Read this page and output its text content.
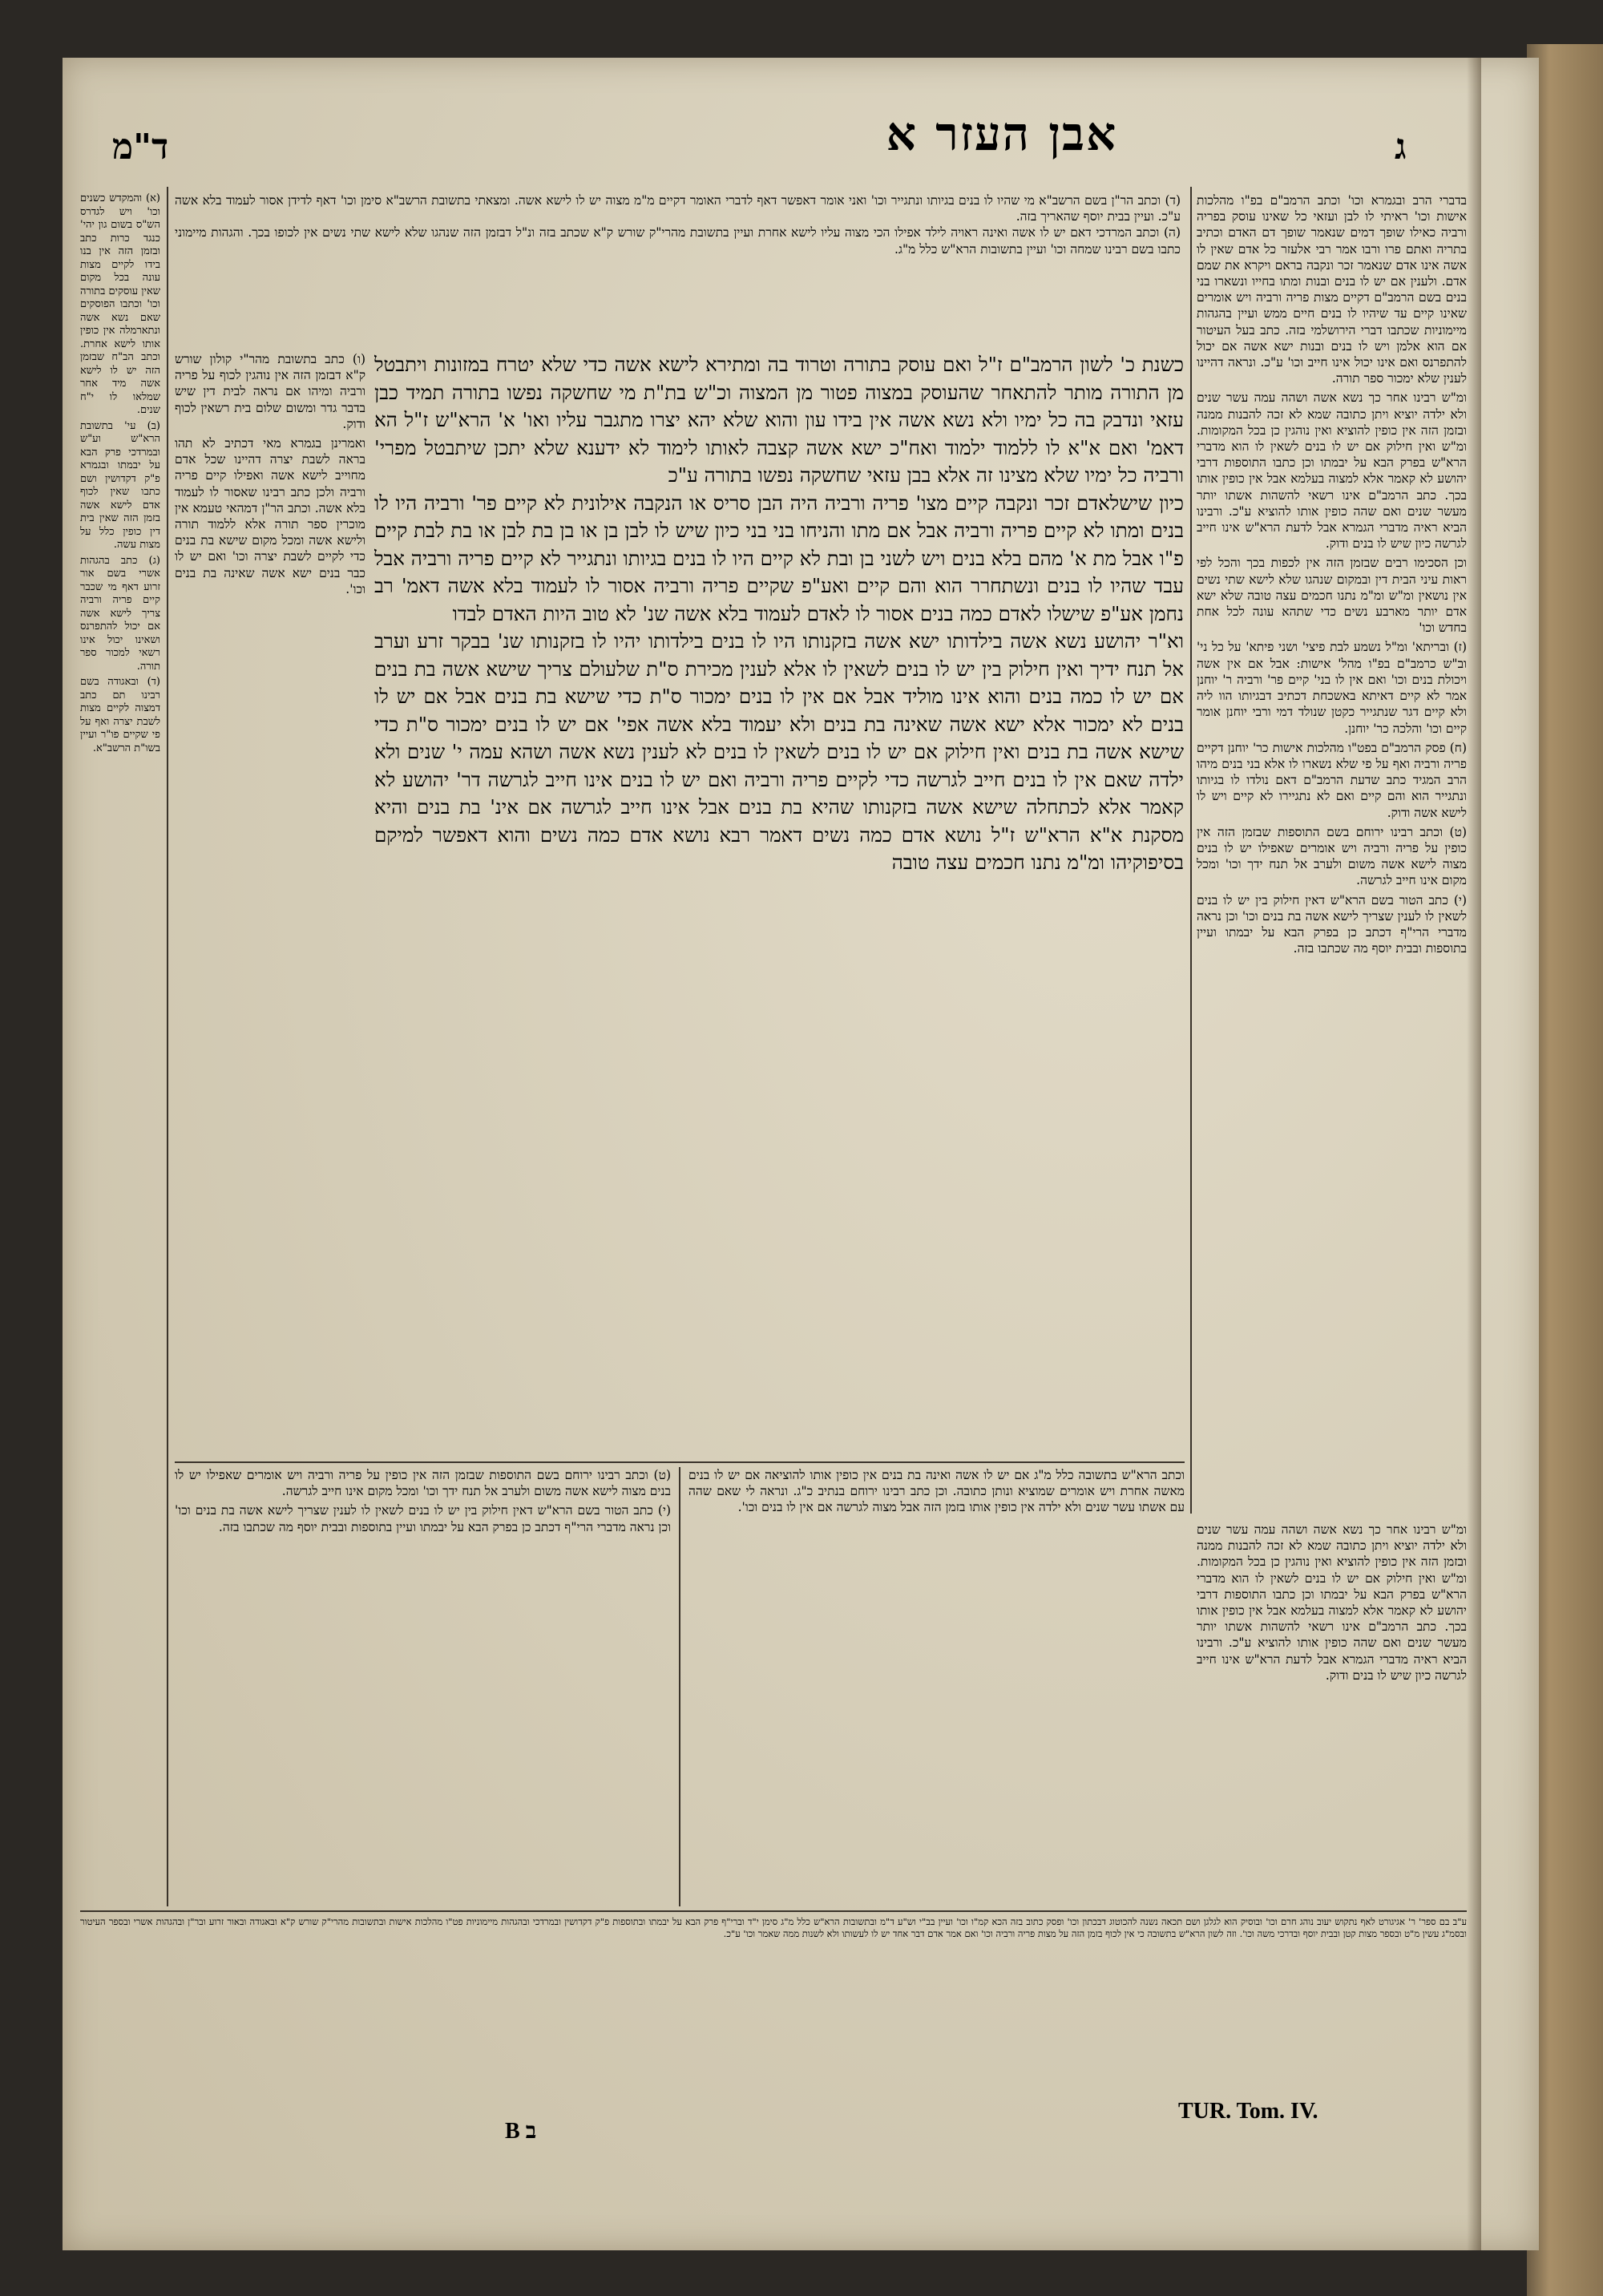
אבן העזר א
ד"מ	ג

בדברי הרב ובגמרא וכו' וכתב הרמב"ם בפ"ו מהלכות אישות וכו' ראיתי לו לבן ועזאי כל שאינו עוסק בפריה ורביה כאילו שופך דמים שנאמר שופך דם האדם וכתיב בתריה ואתם פרו ורבו אמר רבי אלעזר כל אדם שאין לו אשה אינו אדם שנאמר זכר ונקבה בראם ויקרא את שמם אדם. ולענין אם יש לו בנים ובנות ומתו בחייו ונשארו בני בנים בשם הרמב"ם דקיים מצות פריה ורביה ויש אומרים שאינו קיים עד שיהיו לו בנים חיים ממש ועיין בהגהות מיימוניות שכתבו דברי הירושלמי בזה. כתב בעל העיטור אם הוא אלמן ויש לו בנים ובנות ישא אשה אם יכול להתפרנס ואם אינו יכול אינו חייב וכו' ע"כ. ונראה דהיינו לענין שלא ימכור ספר תורה.

ומ"ש רבינו אחר כך נשא אשה ושהה עמה עשר שנים ולא ילדה יוציא ויתן כתובה שמא לא זכה להבנות ממנה ובזמן הזה אין כופין להוציא ואין נוהגין כן בכל המקומות. ומ"ש ואין חילוק אם יש לו בנים לשאין לו הוא מדברי הרא"ש בפרק הבא על יבמתו וכן כתבו התוספות דרבי יהושע לא קאמר אלא למצוה בעלמא אבל אין כופין אותו בכך. כתב הרמב"ם אינו רשאי להשהות אשתו יותר מעשר שנים ואם שהה כופין אותו להוציא ע"כ. ורבינו הביא ראיה מדברי הגמרא אבל לדעת הרא"ש אינו חייב לגרשה כיון שיש לו בנים ודוק.

וכן הסכימו רבים שבזמן הזה אין לכפות בכך והכל לפי ראות עיני הבית דין ובמקום שנהגו שלא לישא שתי נשים אין נושאין ומ"ש ומ"מ נתנו חכמים עצה טובה שלא ישא אדם יותר מארבע נשים כדי שתהא עונה לכל אחת בחדש וכו'

(ז) ובריתא' ומ"ל נשמע לבת פיצי' ושני פיתא' על כל ני' וב"ש כרמב"ם בפ"ו מהל' אישות: אבל אם אין אשה ויכולת בנים וכו' ואם אין לו בני' קיים פר' ורביה ר' יוחנן אמר לא קיים דאיתא באשכחת דכתיב דבגיותו הוו ליה ולא קיים דגר שנתגייר כקטן שנולד דמי ורבי יוחנן אומר קיים וכו' והלכה כר' יוחנן.

(ח) פסק הרמב"ם בפט"ו מהלכות אישות כר' יוחנן דקיים פריה ורביה ואף על פי שלא נשארו לו אלא בני בנים מיהו הרב המגיד כתב שדעת הרמב"ם דאם נולדו לו בגיותו ונתגייר הוא והם קיים ואם לא נתגיירו לא קיים ויש לו לישא אשה ודוק.

(ט) וכתב רבינו ירוחם בשם התוספות שבזמן הזה אין כופין על פריה ורביה ויש אומרים שאפילו יש לו בנים מצוה לישא אשה משום ולערב אל תנח ידך וכו' ומכל מקום אינו חייב לגרשה.

(י) כתב הטור בשם הרא"ש דאין חילוק בין יש לו בנים לשאין לו לענין שצריך לישא אשה בת בנים וכו' וכן נראה מדברי הרי"ף דכתב כן בפרק הבא על יבמתו ועיין בתוספות ובבית יוסף מה שכתבו בזה.

כשנת כ' לשון הרמב"ם ז"ל ואם עוסק בתורה וטרוד בה ומתירא לישא אשה כדי שלא יטרח במזונות ויתבטל מן התורה מותר להתאחר שהעוסק במצוה פטור מן המצוה וכ"ש בת"ת מי שחשקה נפשו בתורה תמיד כבן עזאי ונדבק בה כל ימיו ולא נשא אשה אין בידו עון והוא שלא יהא יצרו מתגבר עליו ואו' א' הרא"ש ז"ל הא דאמ' ואם א"א לו ללמוד ילמוד ואח"כ ישא אשה קצבה לאותו לימוד לא ידענא שלא יתכן שיתבטל מפרי' ורביה כל ימיו שלא מצינו זה אלא בבן עזאי שחשקה נפשו בתורה ע"כ

כיון שישלאדם זכר ונקבה קיים מצו' פריה ורביה היה הבן סריס או הנקבה אילונית לא קיים פר' ורביה היו לו בנים ומתו לא קיים פריה ורביה אבל אם מתו והניחו בני בני כיון שיש לו לבן בן או בן בת לבן או בת לבת קיים פ"ו אבל מת א' מהם בלא בנים ויש לשני בן ובת לא קיים היו לו בנים בגיותו ונתגייר לא קיים פריה ורביה אבל עבד שהיו לו בנים ונשתחרר הוא והם קיים ואע"פ שקיים פריה ורביה אסור לו לעמוד בלא אשה דאמ' רב נחמן אע"פ שישלו לאדם כמה בנים אסור לו לאדם לעמוד בלא אשה שנ' לא טוב היות האדם לבדו

וא"ר יהושע נשא אשה בילדותו ישא אשה בזקנותו היו לו בנים בילדותו יהיו לו בזקנותו שנ' בבקר זרע וערב אל תנח ידיך ואין חילוק בין יש לו בנים לשאין לו אלא לענין מכירת ס"ת שלעולם צריך שישא אשה בת בנים אם יש לו כמה בנים והוא אינו מוליד אבל אם אין לו בנים ימכור ס"ת כדי שישא בת בנים אבל אם יש לו בנים לא ימכור אלא ישא אשה שאינה בת בנים ולא יעמוד בלא אשה אפי' אם יש לו בנים ימכור ס"ת כדי שישא אשה בת בנים ואין חילוק אם יש לו בנים לשאין לו בנים לא לענין נשא אשה ושהא עמה י' שנים ולא ילדה שאם אין לו בנים חייב לגרשה כדי לקיים פריה ורביה ואם יש לו בנים אינו חייב לגרשה דר' יהושע לא קאמר אלא לכתחלה שישא אשה בזקנותו שהיא בת בנים אבל אינו חייב לגרשה אם אינ' בת בנים והיא מסקנת א"א הרא"ש ז"ל נושא אדם כמה נשים דאמר רבא נושא אדם כמה נשים והוא דאפשר למיקם בסיפוקיהו ומ"מ נתנו חכמים עצה טובה

(ד) וכתב הר"ן בשם הרשב"א מי שהיו לו בנים בגיותו ונתגייר וכו' ואני אומר דאפשר דאף לדברי האומר דקיים מ"מ מצוה יש לו לישא אשה. ומצאתי בתשובת הרשב"א סימן וכו' דאף לדידן אסור לעמוד בלא אשה ע"כ. ועיין בבית יוסף שהאריך בזה.

(ה) וכתב המרדכי דאם יש לו אשה ואינה ראויה לילד אפילו הכי מצוה עליו לישא אחרת ועיין בתשובת מהרי"ק שורש ק"א שכתב בזה ונ"ל דבזמן הזה שנהגו שלא לישא שתי נשים אין לכופו בכך. והגהות מיימוני כתבו בשם רבינו שמחה וכו' ועיין בתשובות הרא"ש כלל מ"ג.

(א) והמקדש כשנים וכו' ויש לגדרס הש"ס בשום גון יהי' כנגד כרות כתב ובזמן הזה אין בנו בידו לקיים מצות עונה בכל מקום שאין עוסקים בתורה וכו' וכתבו הפוסקים שאם נשא אשה ונתארמלה אין כופין אותו לישא אחרת. וכתב הב"ח שבזמן הזה יש לו לישא אשה מיד אחר שמלאו לו י"ח שנים.

(ב) עי' בתשובת הרא"ש וע"ש ובמרדכי פרק הבא על יבמתו ובגמרא פ"ק דקדושין ושם כתבו שאין לכוף אדם לישא אשה בזמן הזה שאין בית דין כופין כלל על מצות עשה.

(ג) כתב בהגהות אשרי בשם אור זרוע דאף מי שכבר קיים פריה ורביה צריך לישא אשה אם יכול להתפרנס ושאינו יכול אינו רשאי למכור ספר תורה.

(ד) ובאגודה בשם רבינו תם כתב דמצוה לקיים מצות לשבת יצרה ואף על פי שקיים פו"ר ועיין בשו"ת הרשב"א.

(ו) כתב בתשובת מהר"י קולון שורש ק"א דבזמן הזה אין נוהגין לכוף על פריה ורביה ומיהו אם נראה לבית דין שיש בדבר גדר ומשום שלום בית רשאין לכוף ודוק.

ואמרינן בגמרא מאי דכתיב לא תהו בראה לשבת יצרה דהיינו שכל אדם מחוייב לישא אשה ואפילו קיים פריה ורביה ולכן כתב רבינו שאסור לו לעמוד בלא אשה. וכתב הר"ן דמהאי טעמא אין מוכרין ספר תורה אלא ללמוד תורה ולישא אשה ומכל מקום שישא בת בנים כדי לקיים לשבת יצרה וכו' ואם יש לו כבר בנים ישא אשה שאינה בת בנים וכו'.

וכתב הרא"ש בתשובה כלל מ"ג אם יש לו אשה ואינה בת בנים אין כופין אותו להוציאה אם יש לו בנים מאשה אחרת ויש אומרים שמוציא ונותן כתובה. וכן כתב רבינו ירוחם בנתיב כ"ג. ונראה לי שאם שהה עם אשתו עשר שנים ולא ילדה אין כופין אותו בזמן הזה אבל מצוה לגרשה אם אין לו בנים וכו'.

(ט) וכתב רבינו ירוחם בשם התוספות שבזמן הזה אין כופין על פריה ורביה ויש אומרים שאפילו יש לו בנים מצוה לישא אשה משום ולערב אל תנח ידך וכו' ומכל מקום אינו חייב לגרשה.

(י) כתב הטור בשם הרא"ש דאין חילוק בין יש לו בנים לשאין לו לענין שצריך לישא אשה בת בנים וכו' וכן נראה מדברי הרי"ף דכתב כן בפרק הבא על יבמתו ועיין בתוספות ובבית יוסף מה שכתבו בזה.	ומ"ש רבינו אחר כך נשא אשה ושהה עמה עשר שנים ולא ילדה יוציא ויתן כתובה שמא לא זכה להבנות ממנה ובזמן הזה אין כופין להוציא ואין נוהגין כן בכל המקומות. ומ"ש ואין חילוק אם יש לו בנים לשאין לו הוא מדברי הרא"ש בפרק הבא על יבמתו וכן כתבו התוספות דרבי יהושע לא קאמר אלא למצוה בעלמא אבל אין כופין אותו בכך. כתב הרמב"ם אינו רשאי להשהות אשתו יותר מעשר שנים ואם שהה כופין אותו להוציא ע"כ. ורבינו הביא ראיה מדברי הגמרא אבל לדעת הרא"ש אינו חייב לגרשה כיון שיש לו בנים ודוק.

ע"ב בם ספר' ר' אגיגורט לאף נתקוש יעוב נוהג חרם וכו' ובוסיק הוא לגלגן ושם תכאה נשנה להכוטוג דבכתון וכו' ופסק כתוב בזה הכא קמ"ו וכו' ועיין בב"י וש"ע ד"מ ובתשובות הרא"ש כלל מ"ג סימן י"ד וברי"ף פרק הבא על יבמתו ובתוספות פ"ק דקדושין ובמרדכי ובהגהות מיימוניות פט"ו מהלכות אישות ובתשובות מהרי"ק שורש ק"א ובאגודה ובאור זרוע ובר"ן ובהגהות אשרי ובספר העיטור ובסמ"ג עשין מ"ט ובספר מצות קטן ובבית יוסף ובדרכי משה וכו'. וזה לשון הרא"ש בתשובה כי אין לכוף בזמן הזה על מצות פריה ורביה וכו' ואם אמר אדם דבר אחד יש לו לעשותו ולא לשנות ממה שאמר וכו' ע"כ.

B ב
TUR. Tom. IV.
